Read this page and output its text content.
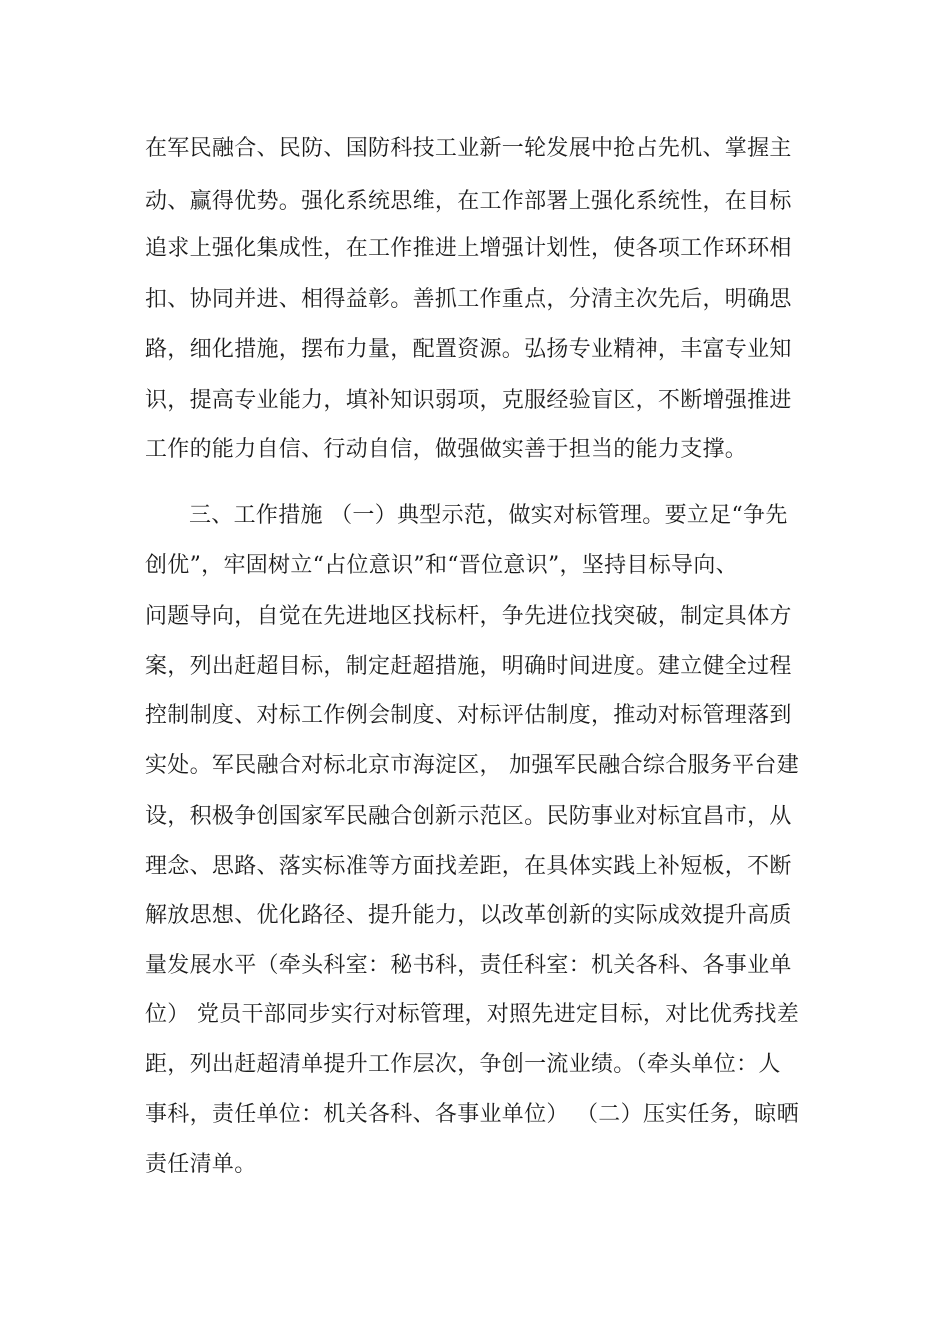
在军民融合、民防、国防科技工业新一轮发展中抢占先机、掌握主
动、赢得优势。强化系统思维，在工作部署上强化系统性，在目标
追求上强化集成性，在工作推进上增强计划性，使各项工作环环相
扣、协同并进、相得益彰。善抓工作重点，分清主次先后，明确思
路，细化措施，摆布力量，配置资源。弘扬专业精神，丰富专业知
识，提高专业能力，填补知识弱项，克服经验盲区，不断增强推进
工作的能力自信、行动自信，做强做实善于担当的能力支撑。
三、工作措施 （一）典型示范，做实对标管理。要立足“争先
创优”，牢固树立“占位意识”和“晋位意识”，坚持目标导向、
问题导向，自觉在先进地区找标杆，争先进位找突破，制定具体方
案，列出赶超目标，制定赶超措施，明确时间进度。建立健全过程
控制制度、对标工作例会制度、对标评估制度，推动对标管理落到
实处。军民融合对标北京市海淀区， 加强军民融合综合服务平台建
设，积极争创国家军民融合创新示范区。民防事业对标宜昌市，从
理念、思路、落实标准等方面找差距，在具体实践上补短板，不断
解放思想、优化路径、提升能力，以改革创新的实际成效提升高质
量发展水平（牵头科室：秘书科，责任科室：机关各科、各事业单
位） 党员干部同步实行对标管理，对照先进定目标，对比优秀找差
距，列出赶超清单提升工作层次，争创一流业绩。（牵头单位：人
事科，责任单位：机关各科、各事业单位） （二）压实任务，晾晒
责任清单。
